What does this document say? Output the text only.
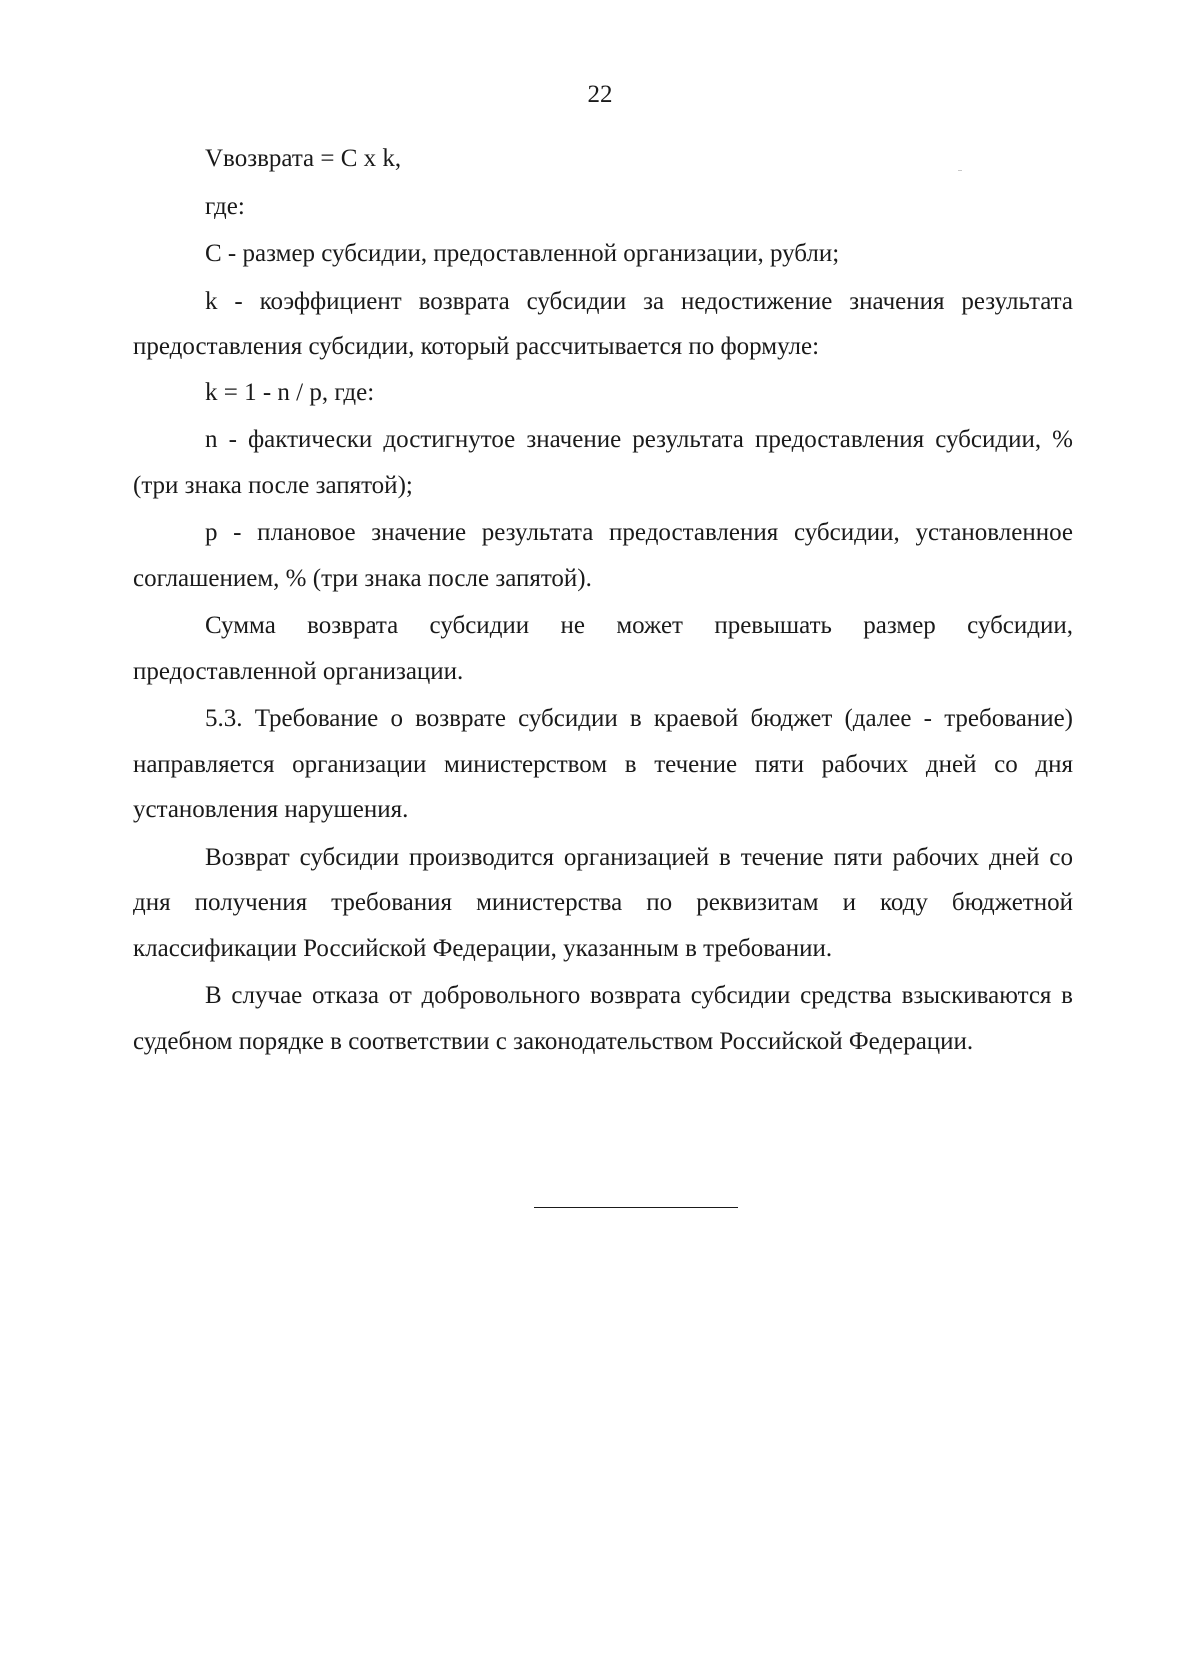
22

Vвозврата = C x k,

где:

C - размер субсидии, предоставленной организации, рубли;

k - коэффициент возврата субсидии за недостижение значения результата предоставления субсидии, который рассчитывается по формуле:

k = 1 - n / p, где:

n - фактически достигнутое значение результата предоставления субсидии, % (три знака после запятой);

p - плановое значение результата предоставления субсидии, установленное соглашением, % (три знака после запятой).

Сумма возврата субсидии не может превышать размер субсидии, предоставленной организации.

5.3. Требование о возврате субсидии в краевой бюджет (далее - требование) направляется организации министерством в течение пяти рабочих дней со дня установления нарушения.

Возврат субсидии производится организацией в течение пяти рабочих дней со дня получения требования министерства по реквизитам и коду бюджетной классификации Российской Федерации, указанным в требовании.

В случае отказа от добровольного возврата субсидии средства взыскиваются в судебном порядке в соответствии с законодательством Российской Федерации.
